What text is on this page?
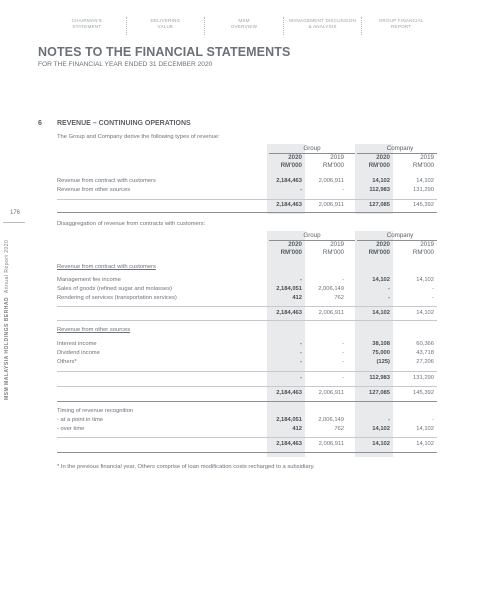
CHAIRMAN'S
STATEMENT
DELIVERING
VALUE
MSM
OVERVIEW
MANAGEMENT DISCUSSION
& ANALYSIS
GROUP FINANCIAL
REPORT
NOTES TO THE FINANCIAL STATEMENTS
FOR THE FINANCIAL YEAR ENDED 31 DECEMBER 2020
176
MSM MALAYSIA HOLDINGS BERHAD  Annual Report 2020
6 REVENUE – CONTINUING OPERATIONS
The Group and Company derive the following types of revenue:
Group	Company
2020
RM'000
2019
RM'000
2020
RM'000
2019
RM'000
Revenue from contract with customers	2,184,463	2,006,911	14,102	14,102
Revenue from other sources	-	-	112,983	131,290
2,184,463	2,006,911	127,085	145,392
Disaggregation of revenue from contracts with customers:
Group	Company
2020
RM'000
2019
RM'000
2020
RM'000
2019
RM'000
Revenue from contract with customers
Management fee income	-	-	14,102	14,102
Sales of goods (refined sugar and molasses)	2,184,051	2,006,149	-	-
Rendering of services (transportation services)	412	762	-	-
2,184,463	2,006,911	14,102	14,102
Revenue from other sources
Interest income	-	-	38,108	60,366
Dividend income	-	-	75,000	43,718
Others*	-	-	(125)	27,206
-	-	112,983	131,290
2,184,463	2,006,911	127,085	145,392
Timing of revenue recognition
- at a point in time	2,184,051	2,006,149	-	-
- over time	412	762	14,102	14,102
2,184,463	2,006,911	14,102	14,102
* In the previous financial year, Others comprise of loan modification costs recharged to a subsidiary.
